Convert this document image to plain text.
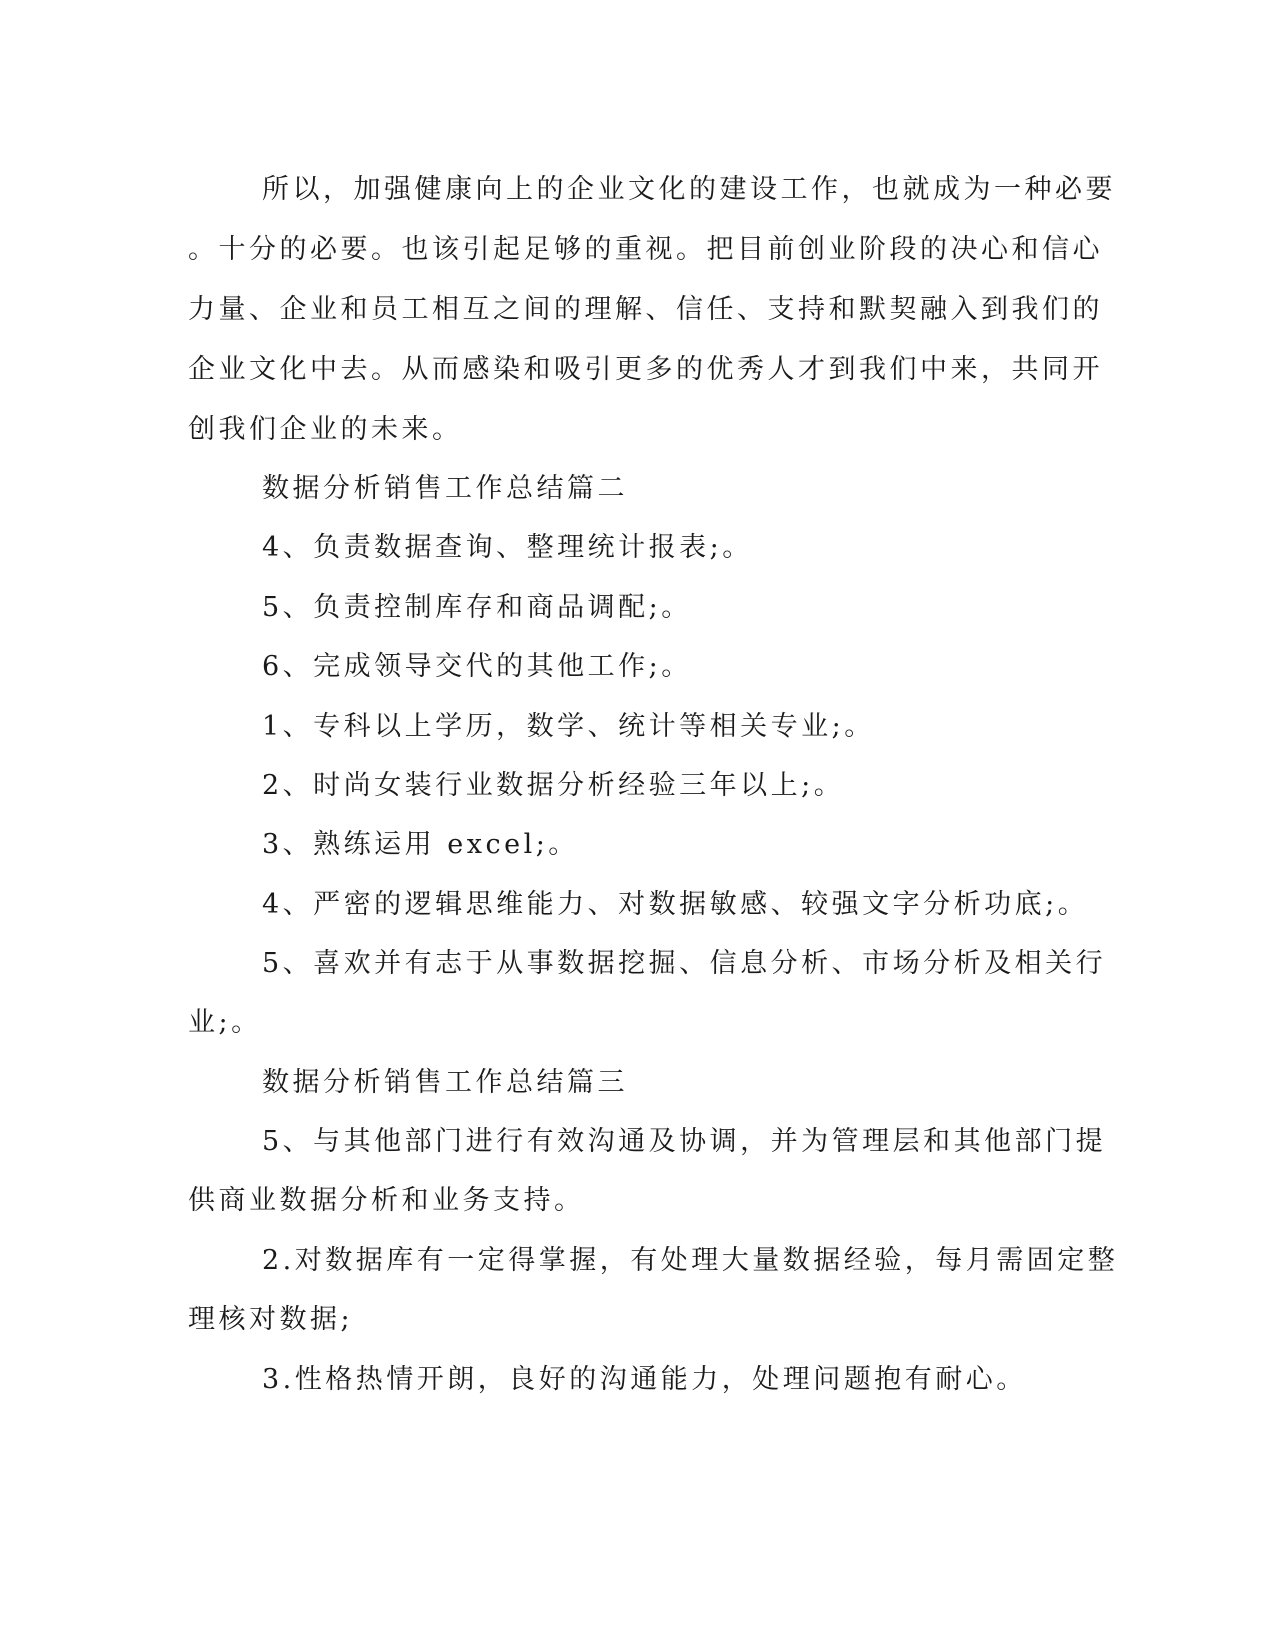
所以，加强健康向上的企业文化的建设工作，也就成为一种必要
。十分的必要。也该引起足够的重视。把目前创业阶段的决心和信心
力量、企业和员工相互之间的理解、信任、支持和默契融入到我们的
企业文化中去。从而感染和吸引更多的优秀人才到我们中来，共同开
创我们企业的未来。
数据分析销售工作总结篇二
4、负责数据查询、整理统计报表;。
5、负责控制库存和商品调配;。
6、完成领导交代的其他工作;。
1、专科以上学历，数学、统计等相关专业;。
2、时尚女装行业数据分析经验三年以上;。
3、熟练运用 excel;。
4、严密的逻辑思维能力、对数据敏感、较强文字分析功底;。
5、喜欢并有志于从事数据挖掘、信息分析、市场分析及相关行
业;。
数据分析销售工作总结篇三
5、与其他部门进行有效沟通及协调，并为管理层和其他部门提
供商业数据分析和业务支持。
2.对数据库有一定得掌握，有处理大量数据经验，每月需固定整
理核对数据;
3.性格热情开朗，良好的沟通能力，处理问题抱有耐心。
